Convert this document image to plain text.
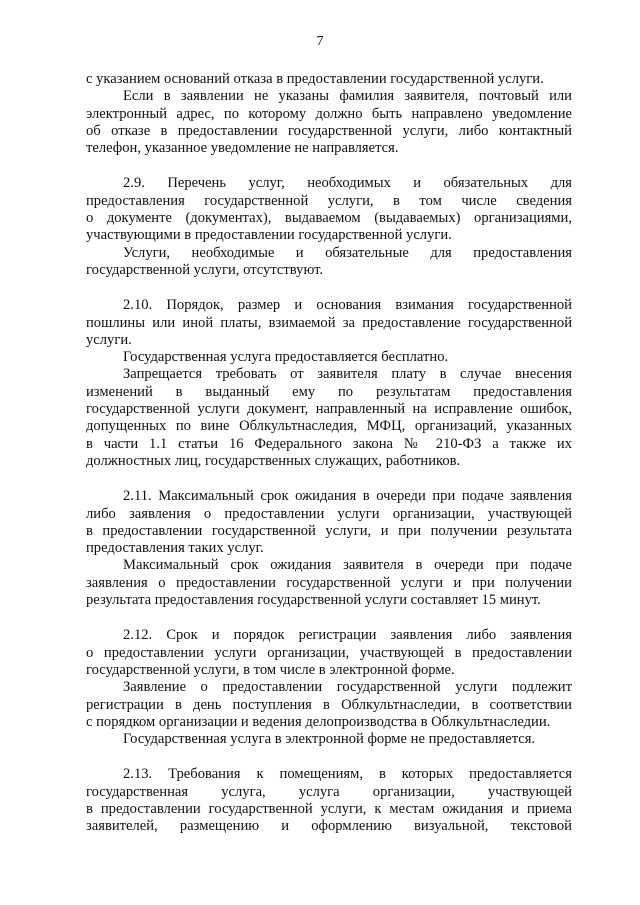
7
с указанием оснований отказа в предоставлении государственной услуги.
Если в заявлении не указаны фамилия заявителя, почтовый или
электронный адрес, по которому должно быть направлено уведомление
об отказе в предоставлении государственной услуги, либо контактный
телефон, указанное уведомление не направляется.
2.9. Перечень услуг, необходимых и обязательных для
предоставления государственной услуги, в том числе сведения
о документе (документах), выдаваемом (выдаваемых) организациями,
участвующими в предоставлении государственной услуги.
Услуги, необходимые и обязательные для предоставления
государственной услуги, отсутствуют.
2.10. Порядок, размер и основания взимания государственной
пошлины или иной платы, взимаемой за предоставление государственной
услуги.
Государственная услуга предоставляется бесплатно.
Запрещается требовать от заявителя плату в случае внесения
изменений в выданный ему по результатам предоставления
государственной услуги документ, направленный на исправление ошибок,
допущенных по вине Облкультнаследия, МФЦ, организаций, указанных
в части 1.1 статьи 16 Федерального закона № 210-ФЗ а также их
должностных лиц, государственных служащих, работников.
2.11. Максимальный срок ожидания в очереди при подаче заявления
либо заявления о предоставлении услуги организации, участвующей
в предоставлении государственной услуги, и при получении результата
предоставления таких услуг.
Максимальный срок ожидания заявителя в очереди при подаче
заявления о предоставлении государственной услуги и при получении
результата предоставления государственной услуги составляет 15 минут.
2.12. Срок и порядок регистрации заявления либо заявления
о предоставлении услуги организации, участвующей в предоставлении
государственной услуги, в том числе в электронной форме.
Заявление о предоставлении государственной услуги подлежит
регистрации в день поступления в Облкультнаследии, в соответствии
с порядком организации и ведения делопроизводства в Облкультнаследии.
Государственная услуга в электронной форме не предоставляется.
2.13. Требования к помещениям, в которых предоставляется
государственная услуга, услуга организации, участвующей
в предоставлении государственной услуги, к местам ожидания и приема
заявителей, размещению и оформлению визуальной, текстовой
